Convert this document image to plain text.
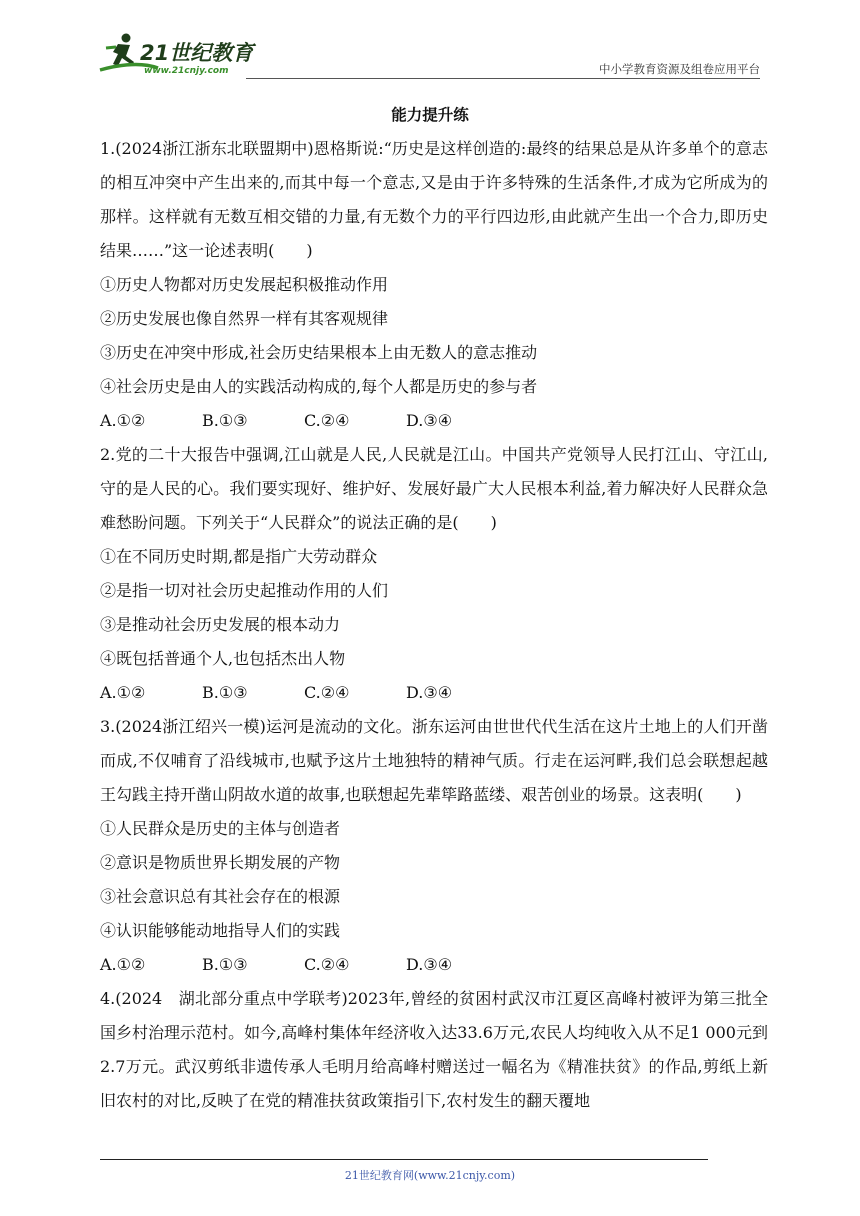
21世纪教育
www.21cnjy.com	中小学教育资源及组卷应用平台
能力提升练

1.(2024浙江浙东北联盟期中)恩格斯说:“历史是这样创造的:最终的结果总是从许多单个的意志的相互冲突中产生出来的,而其中每一个意志,又是由于许多特殊的生活条件,才成为它所成为的那样。这样就有无数互相交错的力量,有无数个力的平行四边形,由此就产生出一个合力,即历史结果……”这一论述表明(　　)

①历史人物都对历史发展起积极推动作用

②历史发展也像自然界一样有其客观规律

③历史在冲突中形成,社会历史结果根本上由无数人的意志推动

④社会历史是由人的实践活动构成的,每个人都是历史的参与者

A.①②	B.①③	C.②④	D.③④

2.党的二十大报告中强调,江山就是人民,人民就是江山。中国共产党领导人民打江山、守江山,守的是人民的心。我们要实现好、维护好、发展好最广大人民根本利益,着力解决好人民群众急难愁盼问题。下列关于“人民群众”的说法正确的是(　　)

①在不同历史时期,都是指广大劳动群众

②是指一切对社会历史起推动作用的人们

③是推动社会历史发展的根本动力

④既包括普通个人,也包括杰出人物

A.①②	B.①③	C.②④	D.③④

3.(2024浙江绍兴一模)运河是流动的文化。浙东运河由世世代代生活在这片土地上的人们开凿而成,不仅哺育了沿线城市,也赋予这片土地独特的精神气质。行走在运河畔,我们总会联想起越王勾践主持开凿山阴故水道的故事,也联想起先辈筚路蓝缕、艰苦创业的场景。这表明(　　)

①人民群众是历史的主体与创造者

②意识是物质世界长期发展的产物

③社会意识总有其社会存在的根源

④认识能够能动地指导人们的实践

A.①②	B.①③	C.②④	D.③④

4.(2024　湖北部分重点中学联考)2023年,曾经的贫困村武汉市江夏区高峰村被评为第三批全国乡村治理示范村。如今,高峰村集体年经济收入达33.6万元,农民人均纯收入从不足1 000元到2.7万元。武汉剪纸非遗传承人毛明月给高峰村赠送过一幅名为《精准扶贫》的作品,剪纸上新旧农村的对比,反映了在党的精准扶贫政策指引下,农村发生的翻天覆地

21世纪教育网(www.21cnjy.com)
